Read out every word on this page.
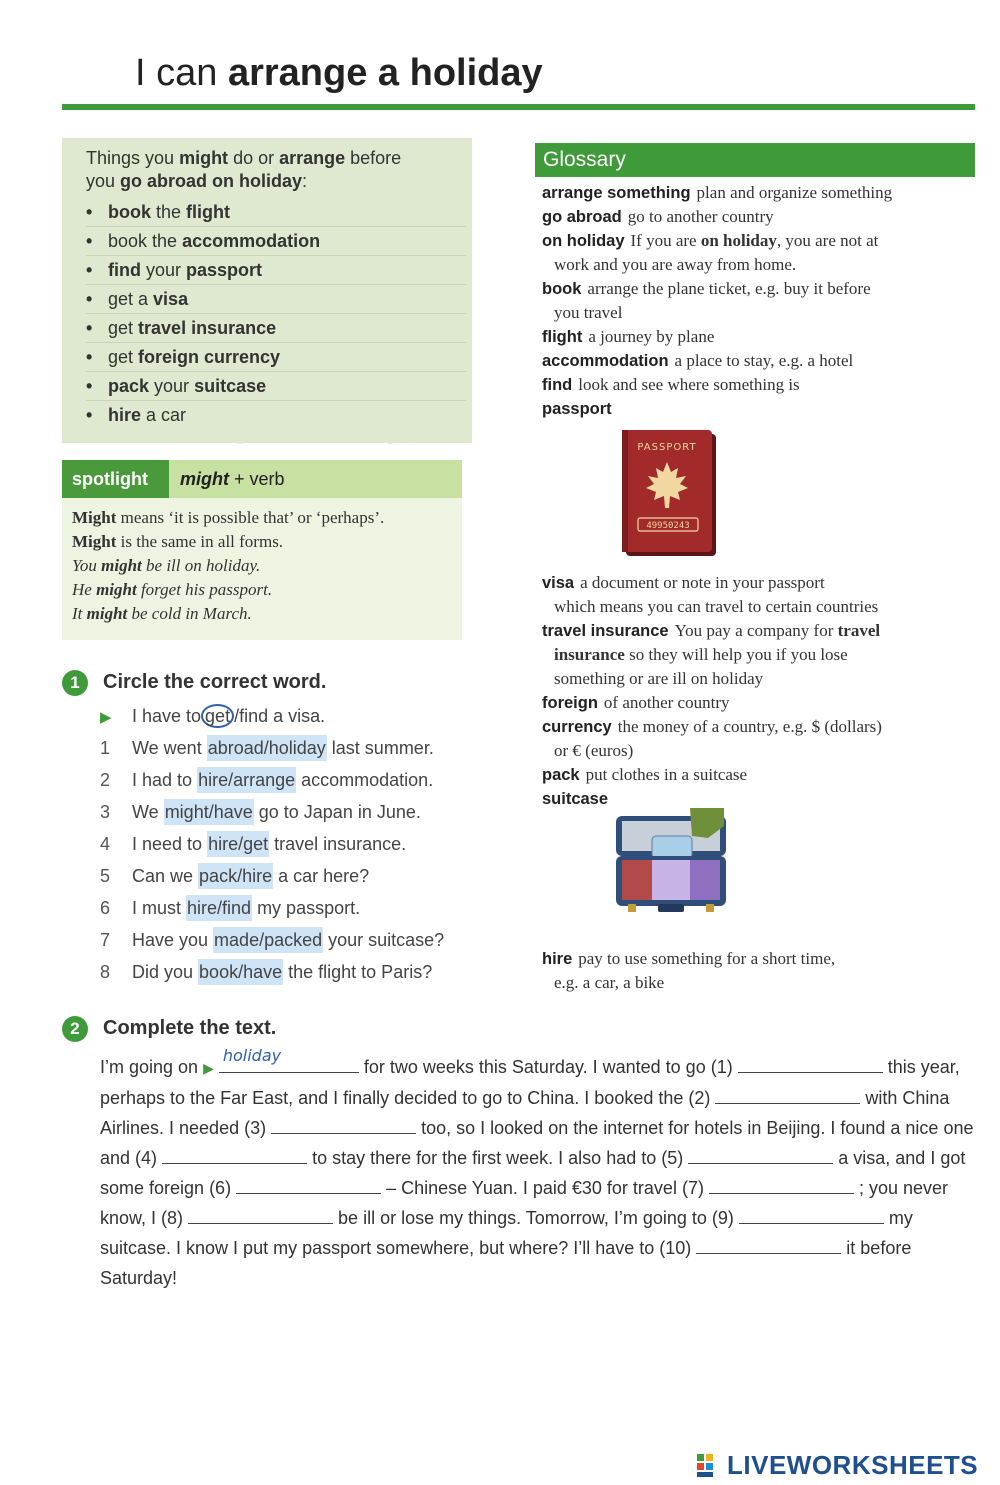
I can arrange a holiday
Things you might do or arrange before
you go abroad on holiday:
• book the flight
• book the accommodation
• find your passport
• get a visa
• get travel insurance
• get foreign currency
• pack your suitcase
• hire a car
spotlight	might + verb
Might means ‘it is possible that’ or ‘perhaps’.
Might is the same in all forms.
You might be ill on holiday.
He might forget his passport.
It might be cold in March.
1	Circle the correct word.
▶ I have to get /find a visa.
1 We went abroad/holiday last summer.
2 I had to hire/arrange accommodation.
3 We might/have go to Japan in June.
4 I need to hire/get travel insurance.
5 Can we pack/hire a car here?
6 I must hire/find my passport.
7 Have you made/packed your suitcase?
8 Did you book/have the flight to Paris?
Glossary
arrange something plan and organize something
go abroad go to another country
on holiday If you are on holiday, you are not at
work and you are away from home.
book arrange the plane ticket, e.g. buy it before
you travel
flight a journey by plane
accommodation a place to stay, e.g. a hotel
find look and see where something is
passport
visa a document or note in your passport
which means you can travel to certain countries
travel insurance You pay a company for travel
insurance so they will help you if you lose
something or are ill on holiday
foreign of another country
currency the money of a country, e.g. $ (dollars)
or € (euros)
pack put clothes in a suitcase
suitcase
hire pay to use something for a short time,
e.g. a car, a bike
PASSPORT
49950243
2	Complete the text.
I’m going on ▶
holiday
for two weeks this Saturday. I wanted to go (1)	this year, perhaps to the Far East, and I finally decided to go to China. I booked the (2)	with China Airlines. I needed (3)	too, so I looked on the internet for hotels in Beijing. I found a nice one and (4)	to stay there for the first week. I also had to (5)	a visa, and I got some foreign (6)	– Chinese Yuan. I paid €30 for travel (7)	; you never know, I (8)	be ill or lose my things. Tomorrow, I’m going to (9)	my suitcase. I know I put my passport somewhere, but where? I’ll have to (10)	it before Saturday!
LIVEWORKSHEETS
